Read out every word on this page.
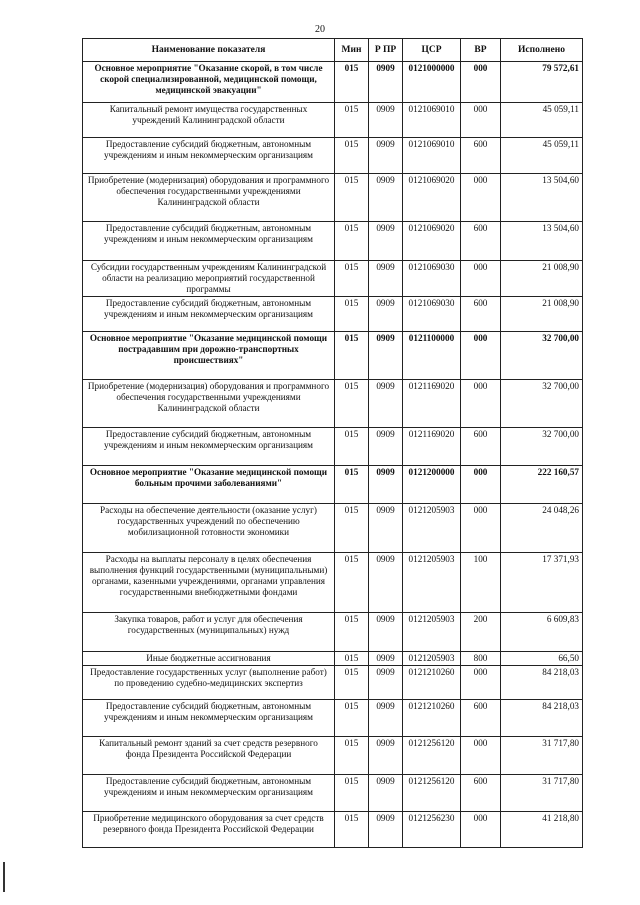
20
Наименование показателя	Мин	Р ПР	ЦСР	ВР	Исполнено
Основное мероприятие "Оказание скорой, в том числе скорой специализированной, медицинской помощи, медицинской эвакуации"	015	0909	0121000000	000	79 572,61
Капитальный ремонт имущества государственных учреждений Калининградской области	015	0909	0121069010	000	45 059,11
Предоставление субсидий бюджетным, автономным учреждениям и иным некоммерческим организациям	015	0909	0121069010	600	45 059,11
Приобретение (модернизация) оборудования и программного обеспечения государственными учреждениями Калининградской области	015	0909	0121069020	000	13 504,60
Предоставление субсидий бюджетным, автономным учреждениям и иным некоммерческим организациям	015	0909	0121069020	600	13 504,60
Субсидии государственным учреждениям Калининградской области на реализацию мероприятий государственной программы	015	0909	0121069030	000	21 008,90
Предоставление субсидий бюджетным, автономным учреждениям и иным некоммерческим организациям	015	0909	0121069030	600	21 008,90
Основное мероприятие "Оказание медицинской помощи пострадавшим при дорожно-транспортных происшествиях"	015	0909	0121100000	000	32 700,00
Приобретение (модернизация) оборудования и программного обеспечения государственными учреждениями Калининградской области	015	0909	0121169020	000	32 700,00
Предоставление субсидий бюджетным, автономным учреждениям и иным некоммерческим организациям	015	0909	0121169020	600	32 700,00
Основное мероприятие "Оказание медицинской помощи больным прочими заболеваниями"	015	0909	0121200000	000	222 160,57
Расходы на обеспечение деятельности (оказание услуг) государственных учреждений по обеспечению мобилизационной готовности экономики	015	0909	0121205903	000	24 048,26
Расходы на выплаты персоналу в целях обеспечения выполнения функций государственными (муниципальными) органами, казенными учреждениями, органами управления государственными внебюджетными фондами	015	0909	0121205903	100	17 371,93
Закупка товаров, работ и услуг для обеспечения государственных (муниципальных) нужд	015	0909	0121205903	200	6 609,83
Иные бюджетные ассигнования	015	0909	0121205903	800	66,50
Предоставление государственных услуг (выполнение работ) по проведению судебно-медицинских экспертиз	015	0909	0121210260	000	84 218,03
Предоставление субсидий бюджетным, автономным учреждениям и иным некоммерческим организациям	015	0909	0121210260	600	84 218,03
Капитальный ремонт зданий за счет средств резервного фонда Президента Российской Федерации	015	0909	0121256120	000	31 717,80
Предоставление субсидий бюджетным, автономным учреждениям и иным некоммерческим организациям	015	0909	0121256120	600	31 717,80
Приобретение медицинского оборудования за счет средств резервного фонда Президента Российской Федерации	015	0909	0121256230	000	41 218,80
